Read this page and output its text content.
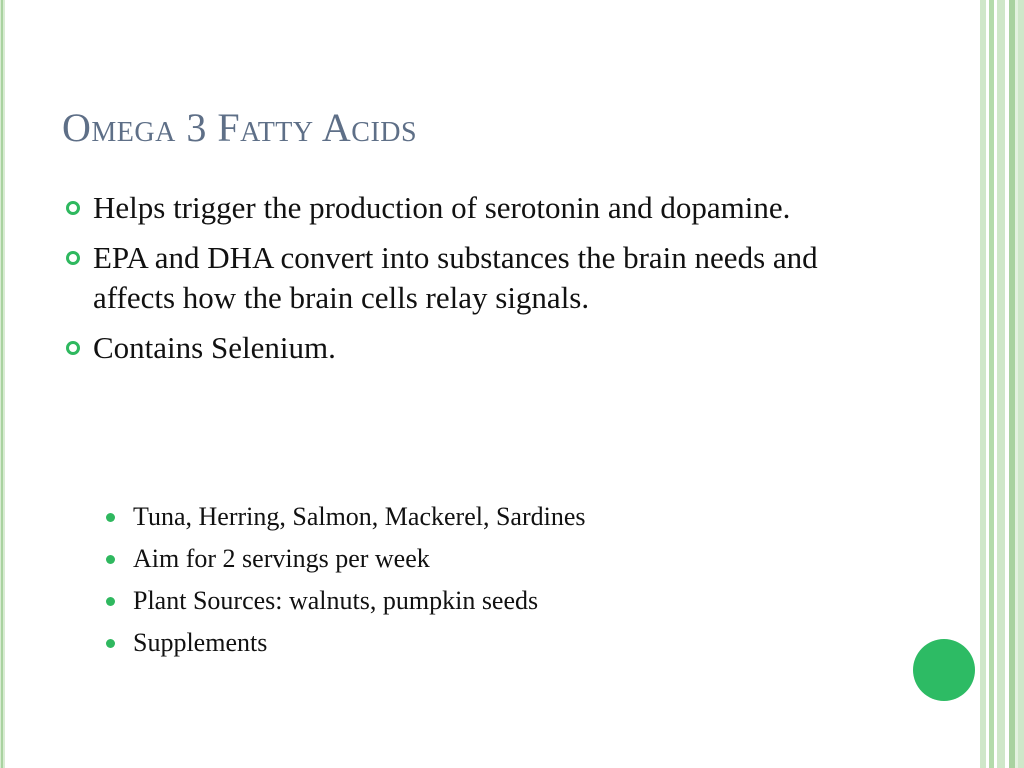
Omega 3 Fatty Acids
Helps trigger the production of serotonin and dopamine.
EPA and DHA convert into substances the brain needs and affects how the brain cells relay signals.
Contains Selenium.
Tuna, Herring, Salmon, Mackerel, Sardines
Aim for 2 servings per week
Plant Sources: walnuts, pumpkin seeds
Supplements
